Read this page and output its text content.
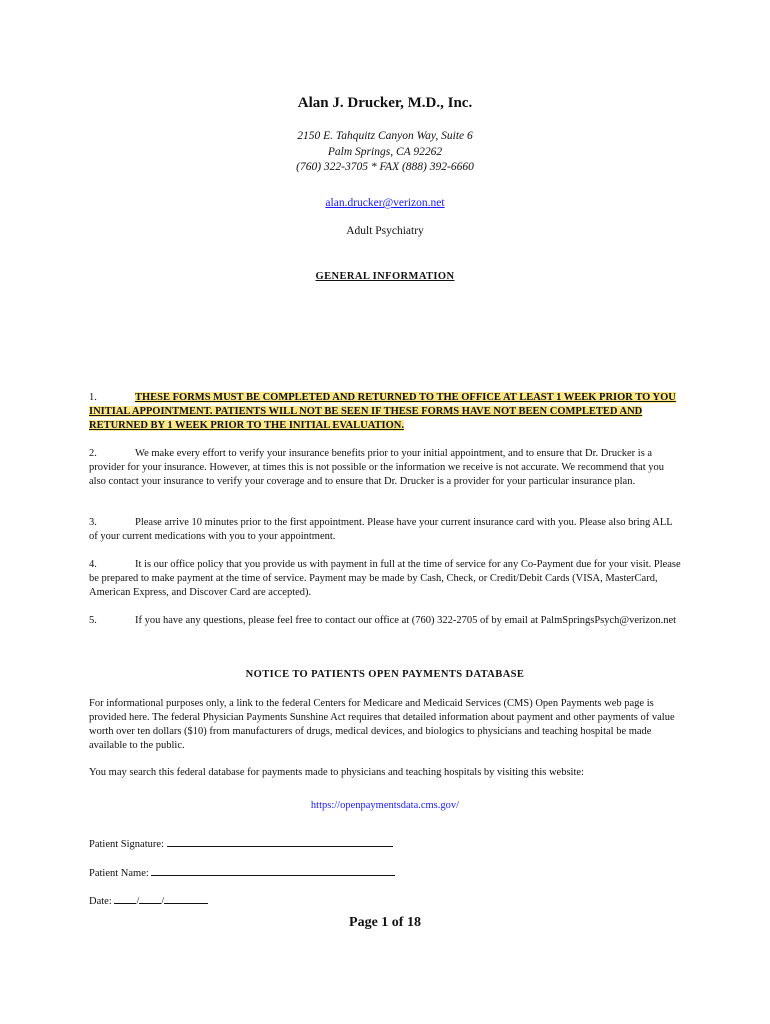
Alan J. Drucker, M.D., Inc.
2150 E. Tahquitz Canyon Way, Suite 6
Palm Springs, CA 92262
(760) 322-3705 * FAX (888) 392-6660
alan.drucker@verizon.net
Adult Psychiatry
GENERAL INFORMATION
1.	THESE FORMS MUST BE COMPLETED AND RETURNED TO THE OFFICE AT LEAST 1 WEEK PRIOR TO YOU INITIAL APPOINTMENT. PATIENTS WILL NOT BE SEEN IF THESE FORMS HAVE NOT BEEN COMPLETED AND RETURNED BY 1 WEEK PRIOR TO THE INITIAL EVALUATION.
2.	We make every effort to verify your insurance benefits prior to your initial appointment, and to ensure that Dr. Drucker is a provider for your insurance. However, at times this is not possible or the information we receive is not accurate. We recommend that you also contact your insurance to verify your coverage and to ensure that Dr. Drucker is a provider for your particular insurance plan.
3.	Please arrive 10 minutes prior to the first appointment. Please have your current insurance card with you. Please also bring ALL of your current medications with you to your appointment.
4.	It is our office policy that you provide us with payment in full at the time of service for any Co-Payment due for your visit. Please be prepared to make payment at the time of service. Payment may be made by Cash, Check, or Credit/Debit Cards (VISA, MasterCard, American Express, and Discover Card are accepted).
5.	If you have any questions, please feel free to contact our office at (760) 322-2705 of by email at PalmSpringsPsych@verizon.net
NOTICE TO PATIENTS OPEN PAYMENTS DATABASE
For informational purposes only, a link to the federal Centers for Medicare and Medicaid Services (CMS) Open Payments web page is provided here. The federal Physician Payments Sunshine Act requires that detailed information about payment and other payments of value worth over ten dollars ($10) from manufacturers of drugs, medical devices, and biologics to physicians and teaching hospital be made available to the public.
You may search this federal database for payments made to physicians and teaching hospitals by visiting this website:
https://openpaymentsdata.cms.gov/
Patient Signature:
Patient Name:
Date: / /
Page 1 of 18
